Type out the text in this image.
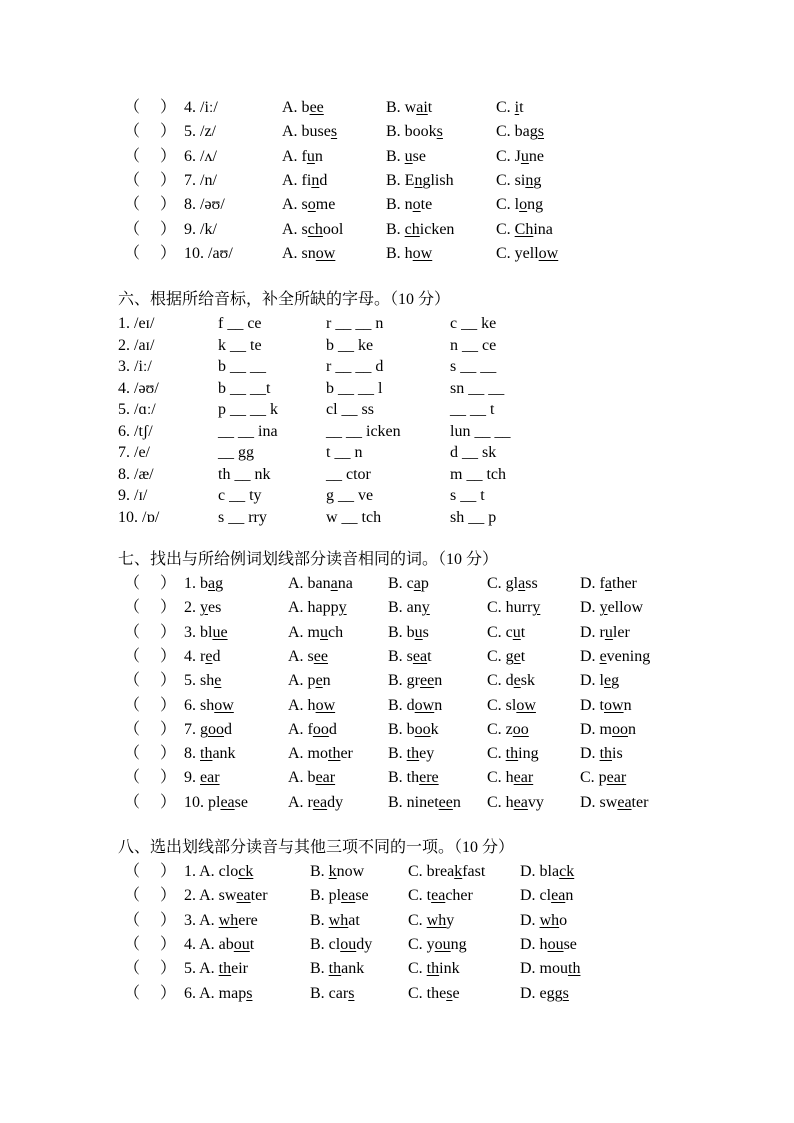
（ ） 4. /iː/	A. bee	B. wait	C. it
（ ） 5. /z/	A. buses	B. books	C. bags
（ ） 6. /ʌ/	A. fun	B. use	C. June
（ ） 7. /n/	A. find	B. English	C. sing
（ ） 8. /əʊ/	A. some	B. note	C. long
（ ） 9. /k/	A. school	B. chicken	C. China
（ ） 10. /aʊ/	A. snow	B. how	C. yellow
六、根据所给音标，补全所缺的字母。（10 分）
1. /eɪ/	f __ ce	r __ __ n	c __ ke
2. /aɪ/	k __ te	b __ ke	n __ ce
3. /iː/	b __ __	r __ __ d	s __ __
4. /əʊ/	b __ __t	b __ __ l	sn __ __
5. /ɑː/	p __ __ k	cl __ ss	__ __ t
6. /tʃ/	__ __ ina	__ __ icken	lun __ __
7. /e/	__ gg	t __ n	d __ sk
8. /æ/	th __ nk	__ ctor	m __ tch
9. /ɪ/	c __ ty	g __ ve	s __ t
10. /ɒ/	s __ rry	w __ tch	sh __ p
七、找出与所给例词划线部分读音相同的词。（10 分）
（ ） 1. bag	A. banana B. cap	C. glass	D. father
（ ） 2. yes	A. happy	B. any	C. hurry D. yellow
（ ） 3. blue	A. much	B. bus	C. cut	D. ruler
（ ） 4. red	A. see	B. seat	C. get	D. evening
（ ） 5. she	A. pen	B. green	C. desk	D. leg
（ ） 6. show	A. how	B. down	C. slow	D. town
（ ） 7. good	A. food	B. book	C. zoo	D. moon
（ ） 8. thank	A. mother B. they	C. thing	D. this
（ ） 9. ear	A. bear	B. there	C. hear	C. pear
（ ） 10. please	A. ready	B. nineteen C. heavy D. sweater
八、选出划线部分读音与其他三项不同的一项。（10 分）
（ ） 1. A. clock	B. know	C. breakfast D. black
（ ） 2. A. sweater	B. please C. teacher	D. clean
（ ） 3. A. where	B. what	C. why	D. who
（ ） 4. A. about	B. cloudy C. young	D. house
（ ） 5. A. their	B. thank	C. think	D. mouth
（ ） 6. A. maps	B. cars	C. these	D. eggs
